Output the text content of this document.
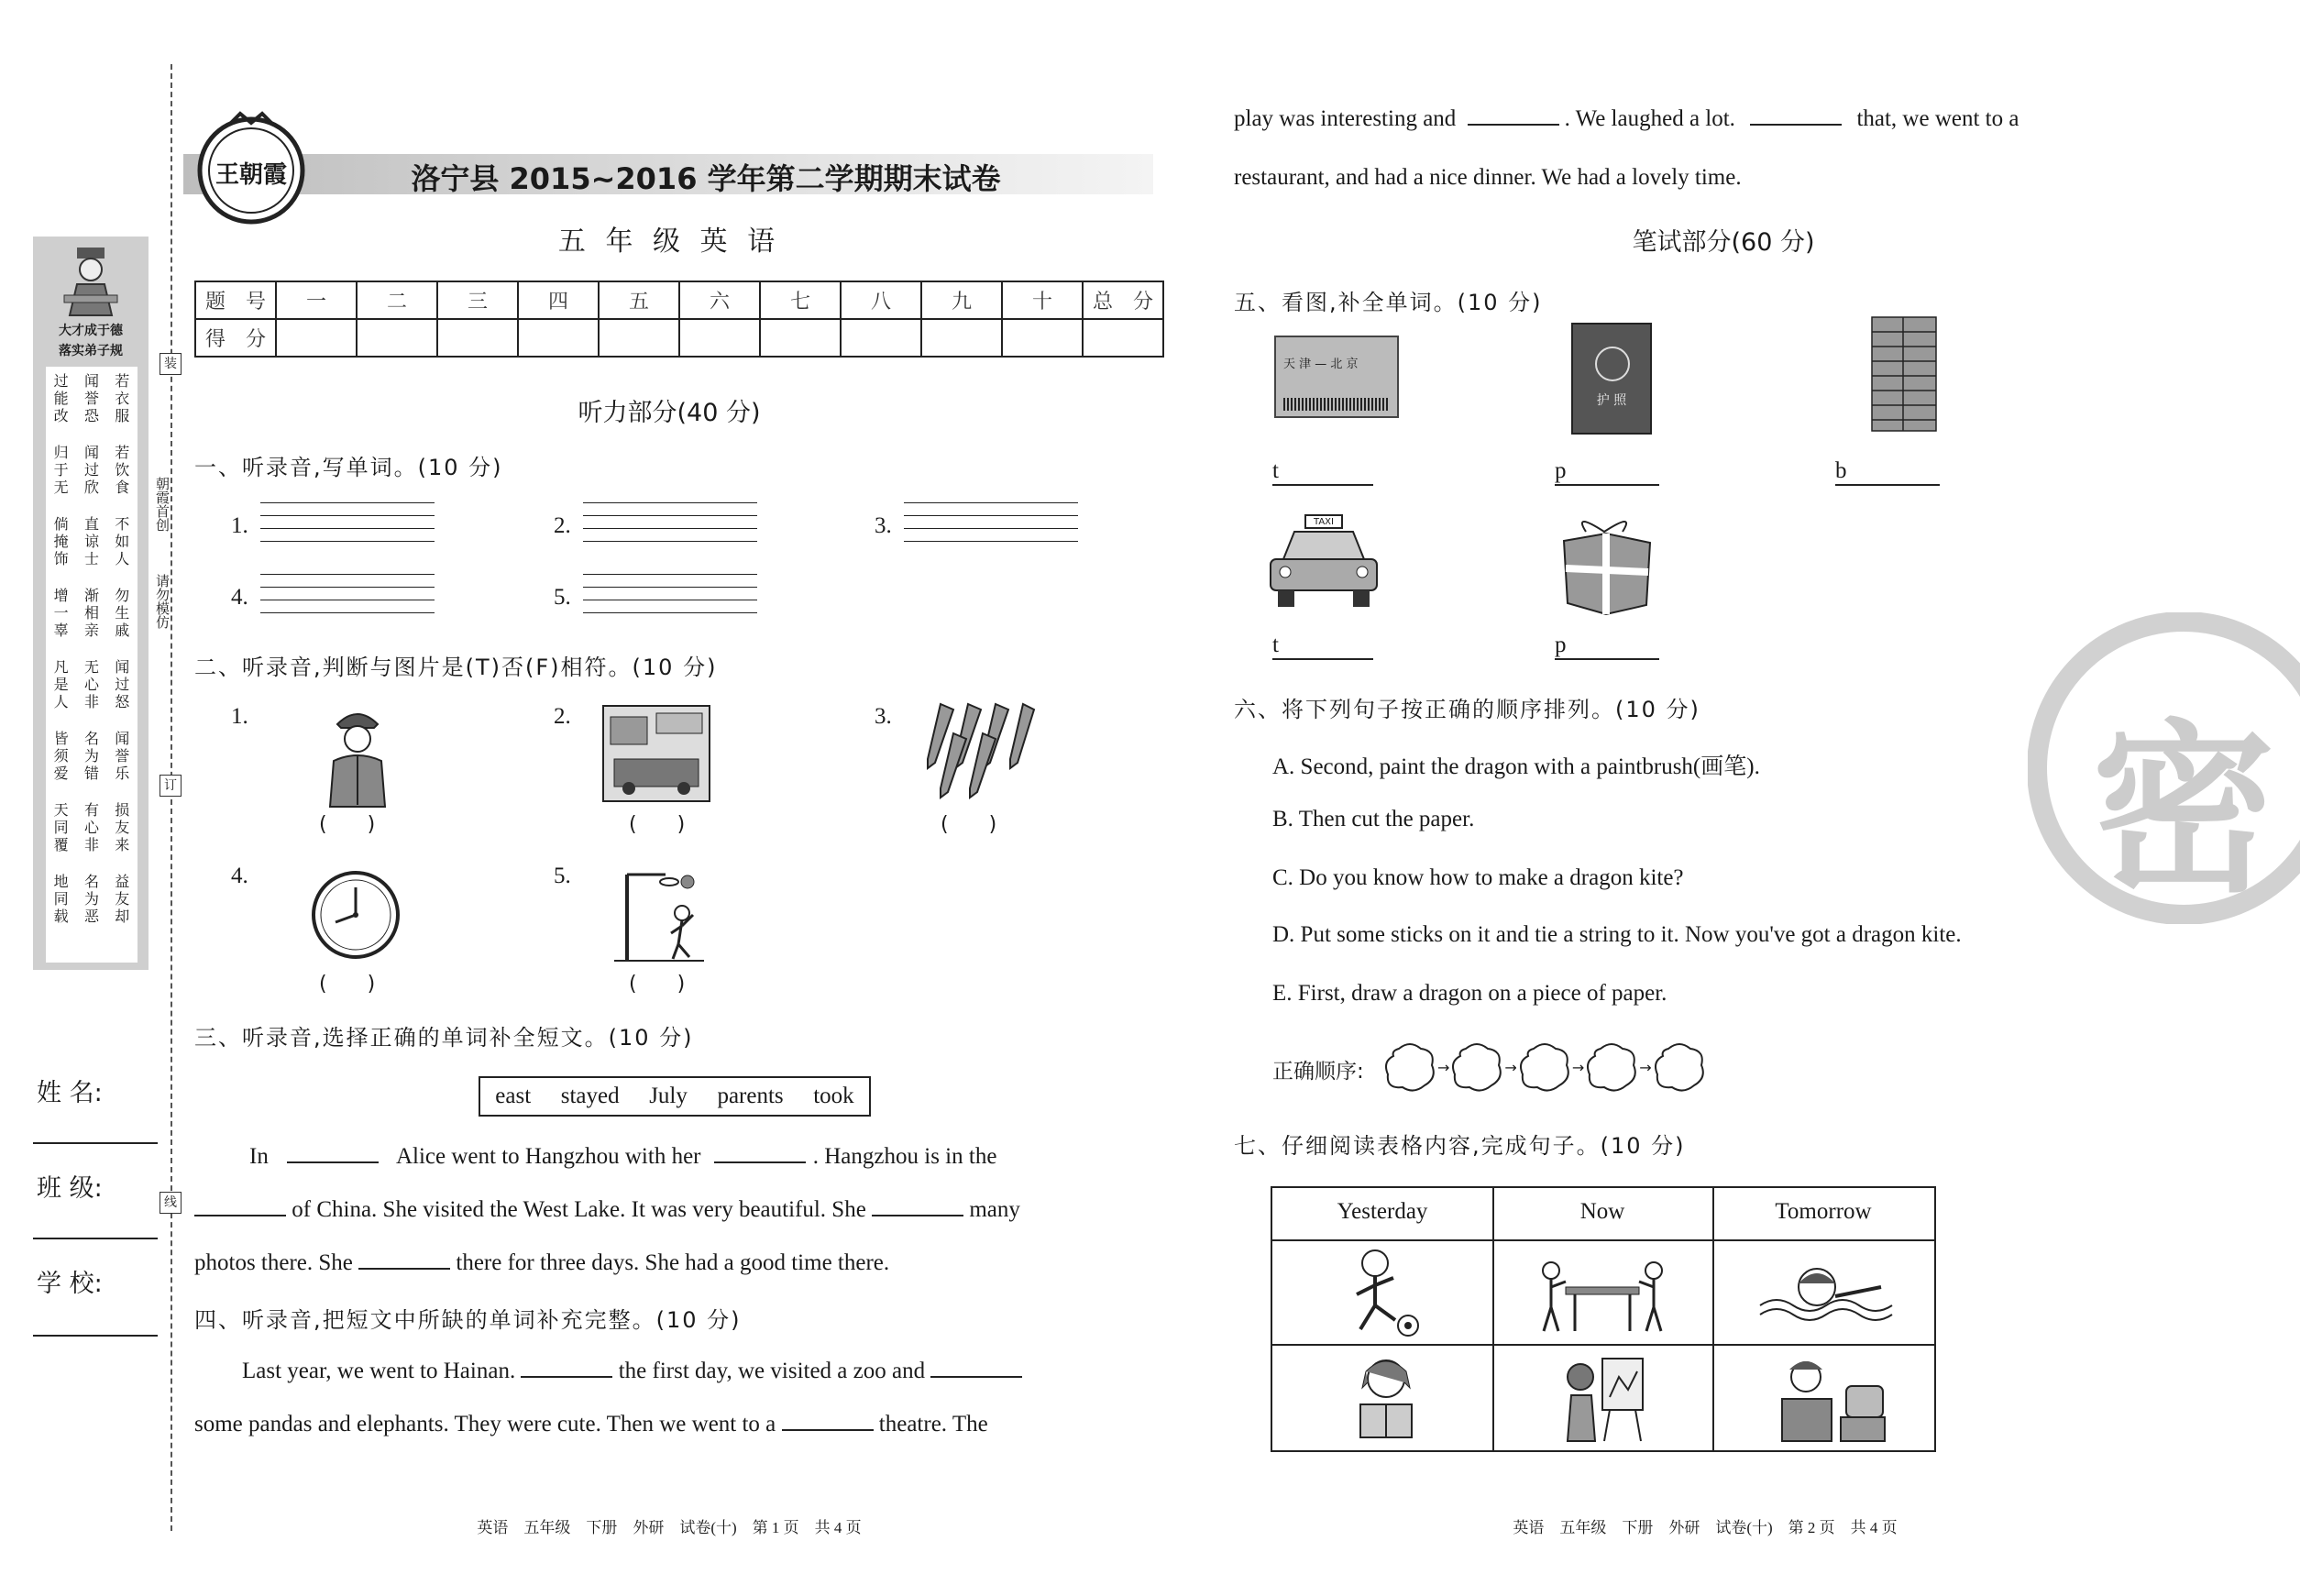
大才成于德
落实弟子规
过
能
改
闻
誉
恐
若
衣
服
归
于
无
闻
过
欣
若
饮
食
倘
掩
饰
直
谅
士
不
如
人
增
一
辜
渐
相
亲
勿
生
戚
凡
是
人
无
心
非
闻
过
怒
皆
须
爱
名
为
错
闻
誉
乐
天
同
覆
有
心
非
损
友
来
地
同
载
名
为
恶
益
友
却
朝霞首创
请勿模仿
装
订
线
姓 名:
班 级:
学 校:
王朝霞	洛宁县 2015~2016 学年第二学期期末试卷
五 年 级 英 语
题　号	一	二	三	四	五	六	七	八	九	十	总　分
得　分											
听力部分(40 分)
一、听录音,写单词。(10 分)
1.	2.	3.
4.	5.
二、听录音,判断与图片是(T)否(F)相符。(10 分)
1.	2.	3.
4.	5.
(　　)	(　　)	(　　)
(　　)	(　　)
三、听录音,选择正确的单词补全短文。(10 分)
east stayed July parents took
In	Alice went to Hangzhou with her	. Hangzhou is in the
of China. She visited the West Lake. It was very beautiful. She	many
photos there. She	there for three days. She had a good time there.
四、听录音,把短文中所缺的单词补充完整。(10 分)
Last year, we went to Hainan.	the first day, we visited a zoo and
some pandas and elephants. They were cute. Then we went to a	theatre. The
英语　五年级　下册　外研　试卷(十)　第 1 页　共 4 页
密
play was interesting and	. We laughed a lot.	that, we went to a
restaurant, and had a nice dinner. We had a lovely time.
笔试部分(60 分)
五、看图,补全单词。(10 分)
天 津 — 北 京
护 照
t	p	b
TAXI
t	p
六、将下列句子按正确的顺序排列。(10 分)
A. Second, paint the dragon with a paintbrush(画笔).
B. Then cut the paper.
C. Do you know how to make a dragon kite?
D. Put some sticks on it and tie a string to it. Now you've got a dragon kite.
E. First, draw a dragon on a piece of paper.
正确顺序:	→	→	→	→
七、仔细阅读表格内容,完成句子。(10 分)
Yesterday	Now	Tomorrow
英语　五年级　下册　外研　试卷(十)　第 2 页　共 4 页
